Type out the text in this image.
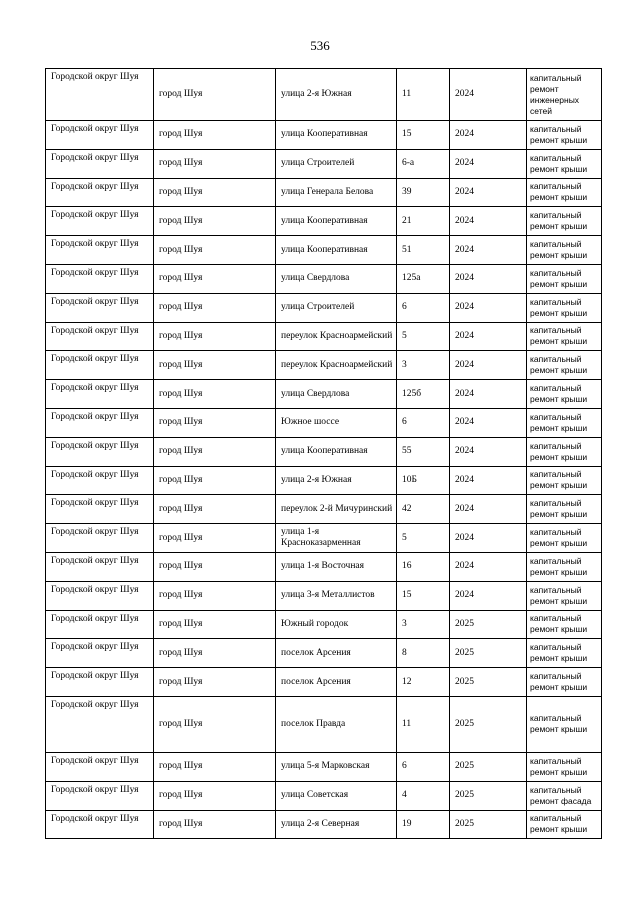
536
Городской округ Шуя	город Шуя	улица 2-я Южная	11	2024	капитальный ремонт инженерных сетей
Городской округ Шуя	город Шуя	улица Кооперативная	15	2024	капитальный ремонт крыши
Городской округ Шуя	город Шуя	улица Строителей	6-а	2024	капитальный ремонт крыши
Городской округ Шуя	город Шуя	улица Генерала Белова	39	2024	капитальный ремонт крыши
Городской округ Шуя	город Шуя	улица Кооперативная	21	2024	капитальный ремонт крыши
Городской округ Шуя	город Шуя	улица Кооперативная	51	2024	капитальный ремонт крыши
Городской округ Шуя	город Шуя	улица Свердлова	125а	2024	капитальный ремонт крыши
Городской округ Шуя	город Шуя	улица Строителей	6	2024	капитальный ремонт крыши
Городской округ Шуя	город Шуя	переулок Красноармейский	5	2024	капитальный ремонт крыши
Городской округ Шуя	город Шуя	переулок Красноармейский	3	2024	капитальный ремонт крыши
Городской округ Шуя	город Шуя	улица Свердлова	125б	2024	капитальный ремонт крыши
Городской округ Шуя	город Шуя	Южное шоссе	6	2024	капитальный ремонт крыши
Городской округ Шуя	город Шуя	улица Кооперативная	55	2024	капитальный ремонт крыши
Городской округ Шуя	город Шуя	улица 2-я Южная	10Б	2024	капитальный ремонт крыши
Городской округ Шуя	город Шуя	переулок 2-й Мичуринский	42	2024	капитальный ремонт крыши
Городской округ Шуя	город Шуя	улица 1-я Красноказарменная	5	2024	капитальный ремонт крыши
Городской округ Шуя	город Шуя	улица 1-я Восточная	16	2024	капитальный ремонт крыши
Городской округ Шуя	город Шуя	улица 3-я Металлистов	15	2024	капитальный ремонт крыши
Городской округ Шуя	город Шуя	Южный городок	3	2025	капитальный ремонт крыши
Городской округ Шуя	город Шуя	поселок Арсения	8	2025	капитальный ремонт крыши
Городской округ Шуя	город Шуя	поселок Арсения	12	2025	капитальный ремонт крыши
Городской округ Шуя	город Шуя	поселок Правда	11	2025	капитальный ремонт крыши
Городской округ Шуя	город Шуя	улица 5-я Марковская	6	2025	капитальный ремонт крыши
Городской округ Шуя	город Шуя	улица Советская	4	2025	капитальный ремонт фасада
Городской округ Шуя	город Шуя	улица 2-я Северная	19	2025	капитальный ремонт крыши
